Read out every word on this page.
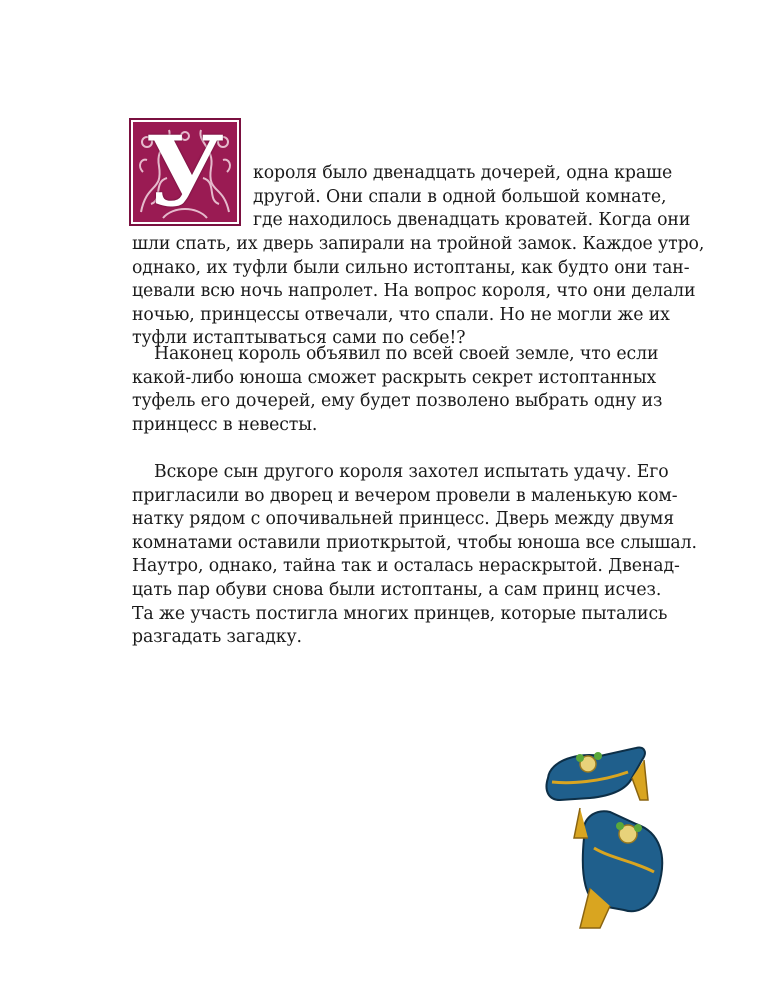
У	короля было двенадцать дочерей, одна краше
другой. Они спали в одной большой комнате,
где находилось двенадцать кроватей. Когда они
шли спать, их дверь запирали на тройной замок. Каждое утро,
однако, их туфли были сильно истоптаны, как будто они тан-
цевали всю ночь напролет. На вопрос короля, что они делали
ночью, принцессы отвечали, что спали. Но не могли же их
туфли истаптываться сами по себе!?
Наконец король объявил по всей своей земле, что если
какой-либо юноша сможет раскрыть секрет истоптанных
туфель его дочерей, ему будет позволено выбрать одну из
принцесс в невесты.
Вскоре сын другого короля захотел испытать удачу. Его
пригласили во дворец и вечером провели в маленькую ком-
натку рядом с опочивальней принцесс. Дверь между двумя
комнатами оставили приоткрытой, чтобы юноша все слышал.
Наутро, однако, тайна так и осталась нераскрытой. Двенад-
цать пар обуви снова были истоптаны, а сам принц исчез.
Та же участь постигла многих принцев, которые пытались
разгадать загадку.
